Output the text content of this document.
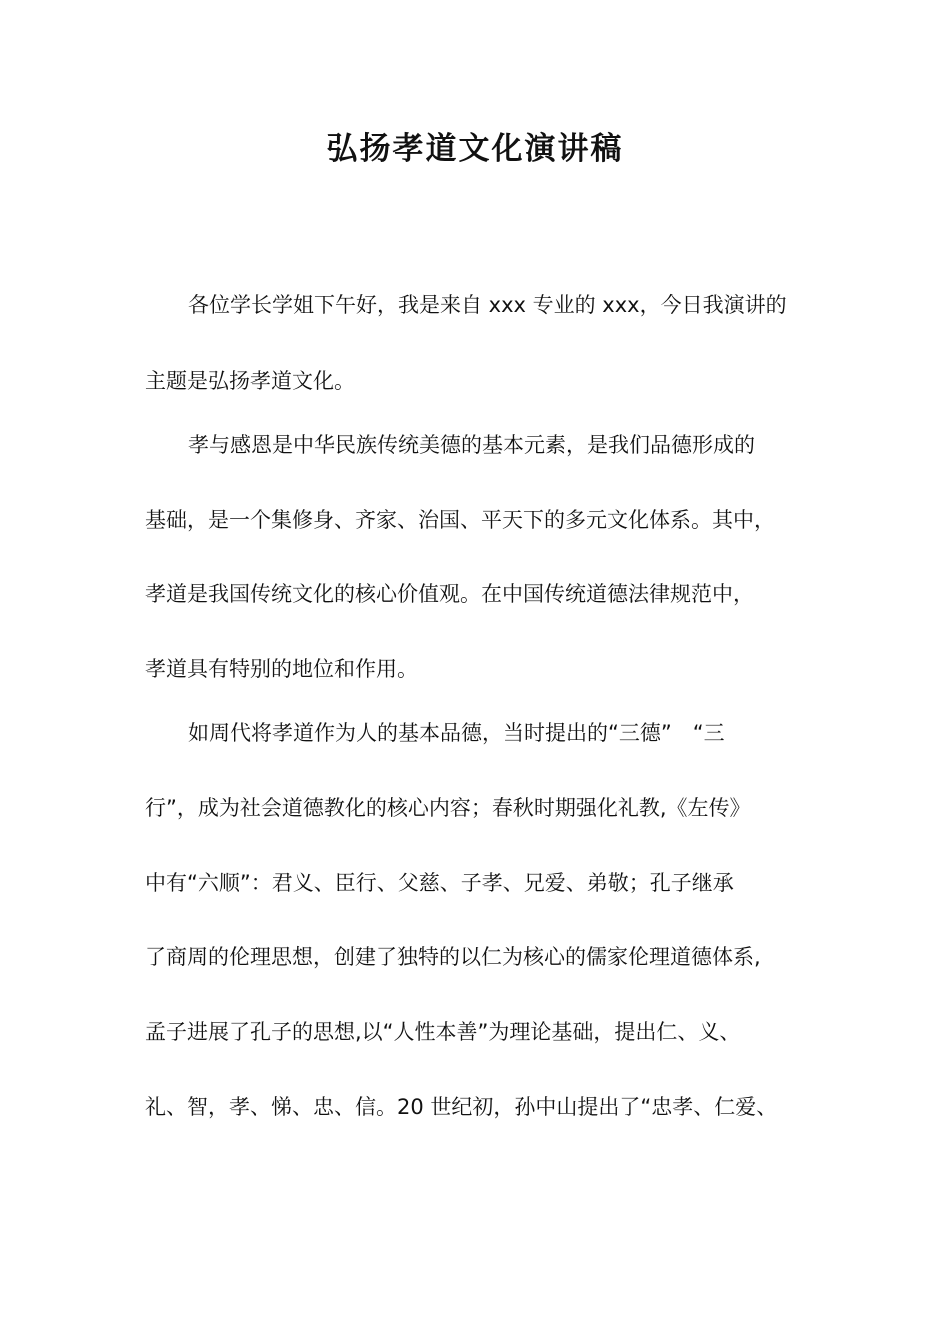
弘扬孝道文化演讲稿
各位学长学姐下午好，我是来自 xxx 专业的 xxx，今日我演讲的
主题是弘扬孝道文化。
孝与感恩是中华民族传统美德的基本元素，是我们品德形成的
基础，是一个集修身、齐家、治国、平天下的多元文化体系。其中，
孝道是我国传统文化的核心价值观。在中国传统道德法律规范中，
孝道具有特别的地位和作用。
如周代将孝道作为人的基本品德，当时提出的“三德”　“三
行”，成为社会道德教化的核心内容；春秋时期强化礼教,《左传》
中有“六顺”：君义、臣行、父慈、子孝、兄爱、弟敬；孔子继承
了商周的伦理思想，创建了独特的以仁为核心的儒家伦理道德体系,
孟子进展了孔子的思想,以“人性本善”为理论基础，提出仁、义、
礼、智，孝、悌、忠、信。20 世纪初，孙中山提出了“忠孝、仁爱、
